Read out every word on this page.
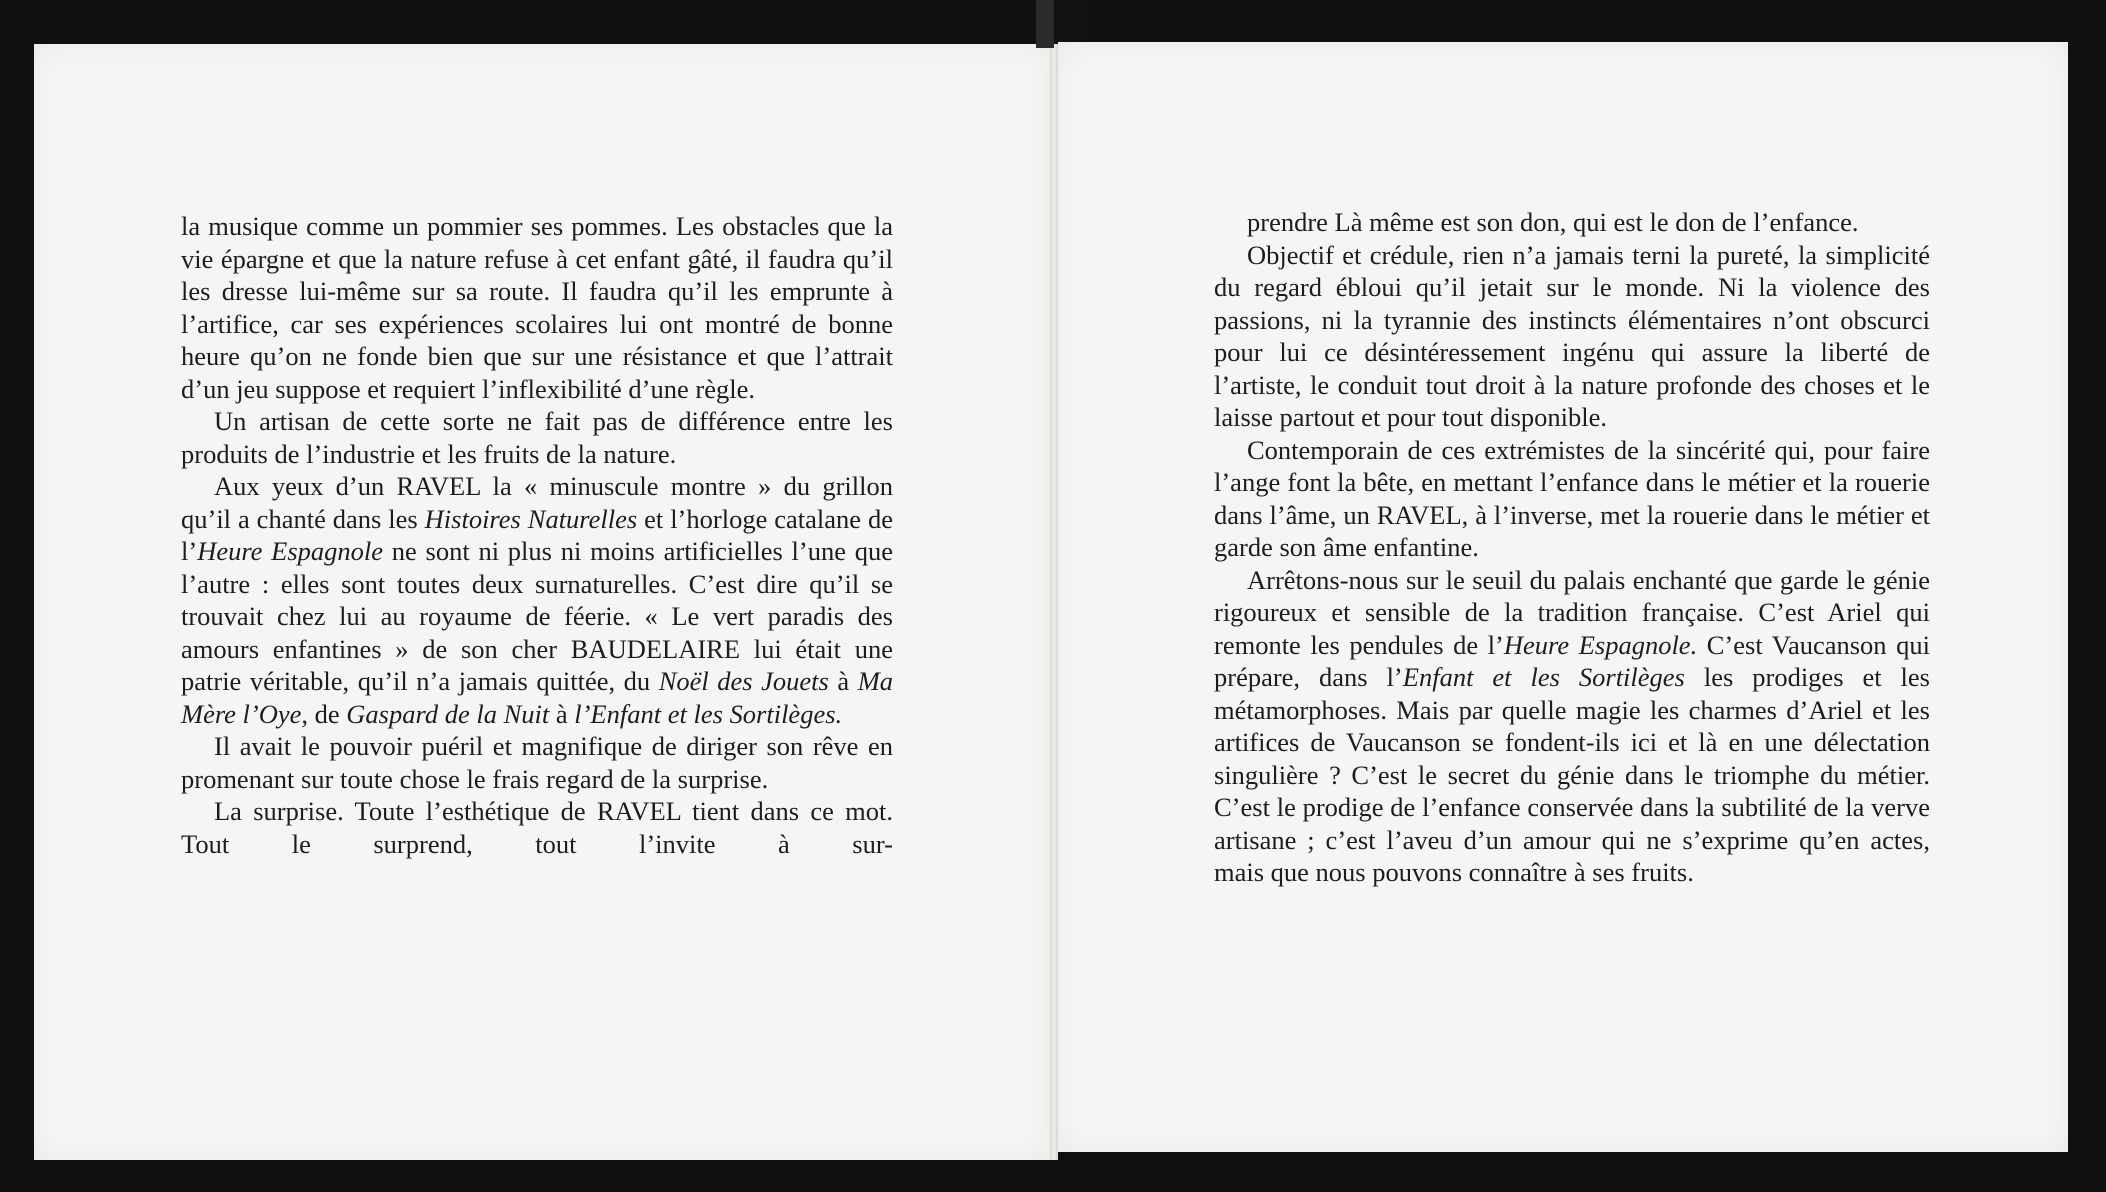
la musique comme un pommier ses pommes. Les obstacles que la vie épargne et que la nature refuse à cet enfant gâté, il faudra qu’il les dresse lui-même sur sa route. Il faudra qu’il les emprunte à l’artifice, car ses expériences scolaires lui ont montré de bonne heure qu’on ne fonde bien que sur une résistance et que l’attrait d’un jeu suppose et requiert l’inflexibilité d’une règle.

Un artisan de cette sorte ne fait pas de différence entre les produits de l’industrie et les fruits de la nature.

Aux yeux d’un RAVEL la « minuscule montre » du grillon qu’il a chanté dans les Histoires Naturelles et l’horloge catalane de l’Heure Espagnole ne sont ni plus ni moins artificielles l’une que l’autre : elles sont toutes deux surnaturelles. C’est dire qu’il se trouvait chez lui au royaume de féerie. « Le vert paradis des amours enfantines » de son cher BAUDELAIRE lui était une patrie véritable, qu’il n’a jamais quittée, du Noël des Jouets à Ma Mère l’Oye, de Gaspard de la Nuit à l’Enfant et les Sortilèges.

Il avait le pouvoir puéril et magnifique de diriger son rêve en promenant sur toute chose le frais regard de la surprise.

La surprise. Toute l’esthétique de RAVEL tient dans ce mot. Tout le surprend, tout l’invite à sur-

prendre Là même est son don, qui est le don de l’enfance.

Objectif et crédule, rien n’a jamais terni la pureté, la simplicité du regard ébloui qu’il jetait sur le monde. Ni la violence des passions, ni la tyrannie des instincts élémentaires n’ont obscurci pour lui ce désintéressement ingénu qui assure la liberté de l’artiste, le conduit tout droit à la nature profonde des choses et le laisse partout et pour tout disponible.

Contemporain de ces extrémistes de la sincérité qui, pour faire l’ange font la bête, en mettant l’enfance dans le métier et la rouerie dans l’âme, un RAVEL, à l’inverse, met la rouerie dans le métier et garde son âme enfantine.

Arrêtons-nous sur le seuil du palais enchanté que garde le génie rigoureux et sensible de la tradition française. C’est Ariel qui remonte les pendules de l’Heure Espagnole. C’est Vaucanson qui prépare, dans l’Enfant et les Sortilèges les prodiges et les métamorphoses. Mais par quelle magie les charmes d’Ariel et les artifices de Vaucanson se fondent-ils ici et là en une délectation singulière ? C’est le secret du génie dans le triomphe du métier. C’est le prodige de l’enfance conservée dans la subtilité de la verve artisane ; c’est l’aveu d’un amour qui ne s’exprime qu’en actes, mais que nous pouvons connaître à ses fruits.
